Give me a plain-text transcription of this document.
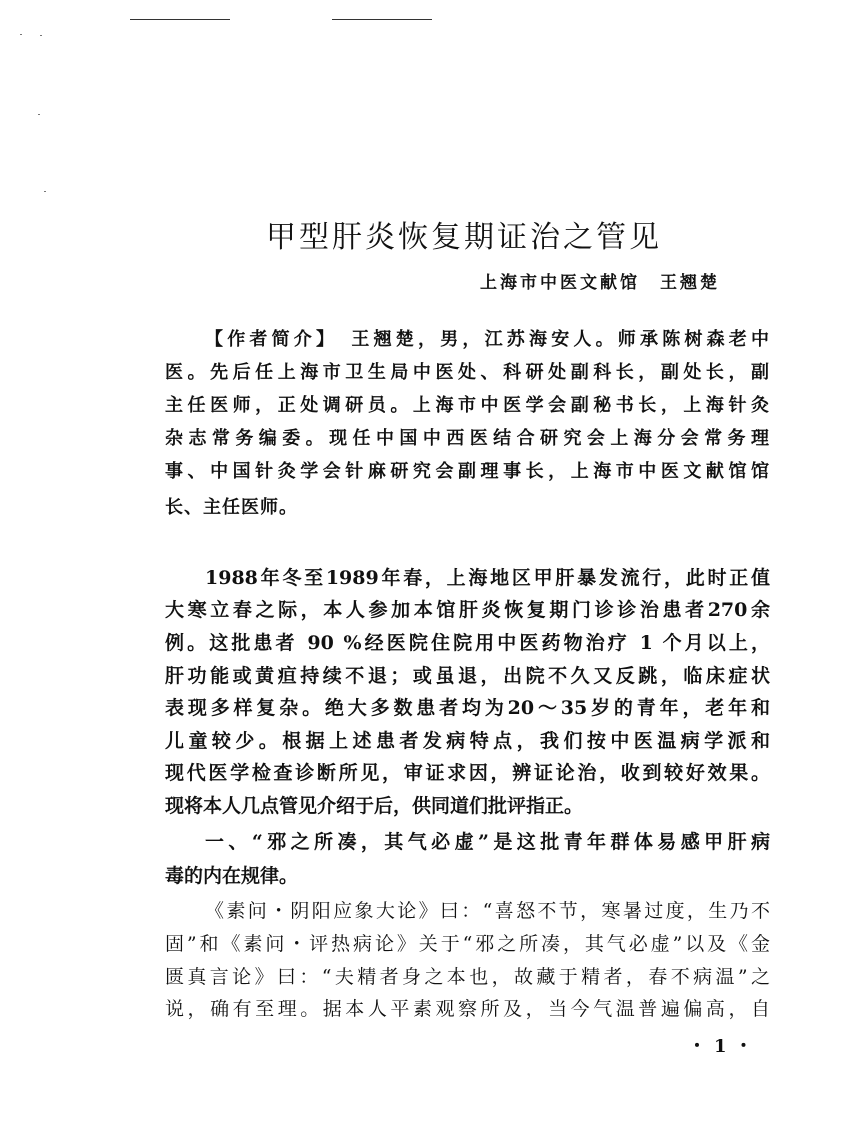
甲型肝炎恢复期证治之管见
上海市中医文献馆　王翘楚
【作者简介】　王翘楚，男，江苏海安人。师承陈树森老中
医。先后任上海市卫生局中医处、科研处副科长，副处长，副
主任医师，正处调研员。上海市中医学会副秘书长，上海针灸
杂志常务编委。现任中国中西医结合研究会上海分会常务理
事、中国针灸学会针麻研究会副理事长，上海市中医文献馆馆
长、主任医师。
1988年冬至1989年春，上海地区甲肝暴发流行，此时正值
大寒立春之际，本人参加本馆肝炎恢复期门诊诊治患者270余
例。这批患者 90 %经医院住院用中医药物治疗 1 个月以上，
肝功能或黄疸持续不退；或虽退，出院不久又反跳，临床症状
表现多样复杂。绝大多数患者均为20～35岁的青年，老年和
儿童较少。根据上述患者发病特点，我们按中医温病学派和
现代医学检查诊断所见，审证求因，辨证论治，收到较好效果。
现将本人几点管见介绍于后，供同道们批评指正。
一、“邪之所凑，其气必虚”是这批青年群体易感甲肝病
毒的内在规律。
《素问・阴阳应象大论》曰：“喜怒不节，寒暑过度，生乃不
固”和《素问・评热病论》关于“邪之所凑，其气必虚”以及《金
匮真言论》曰：“夫精者身之本也，故藏于精者，春不病温”之
说，确有至理。据本人平素观察所及，当今气温普遍偏高，自
・1・
